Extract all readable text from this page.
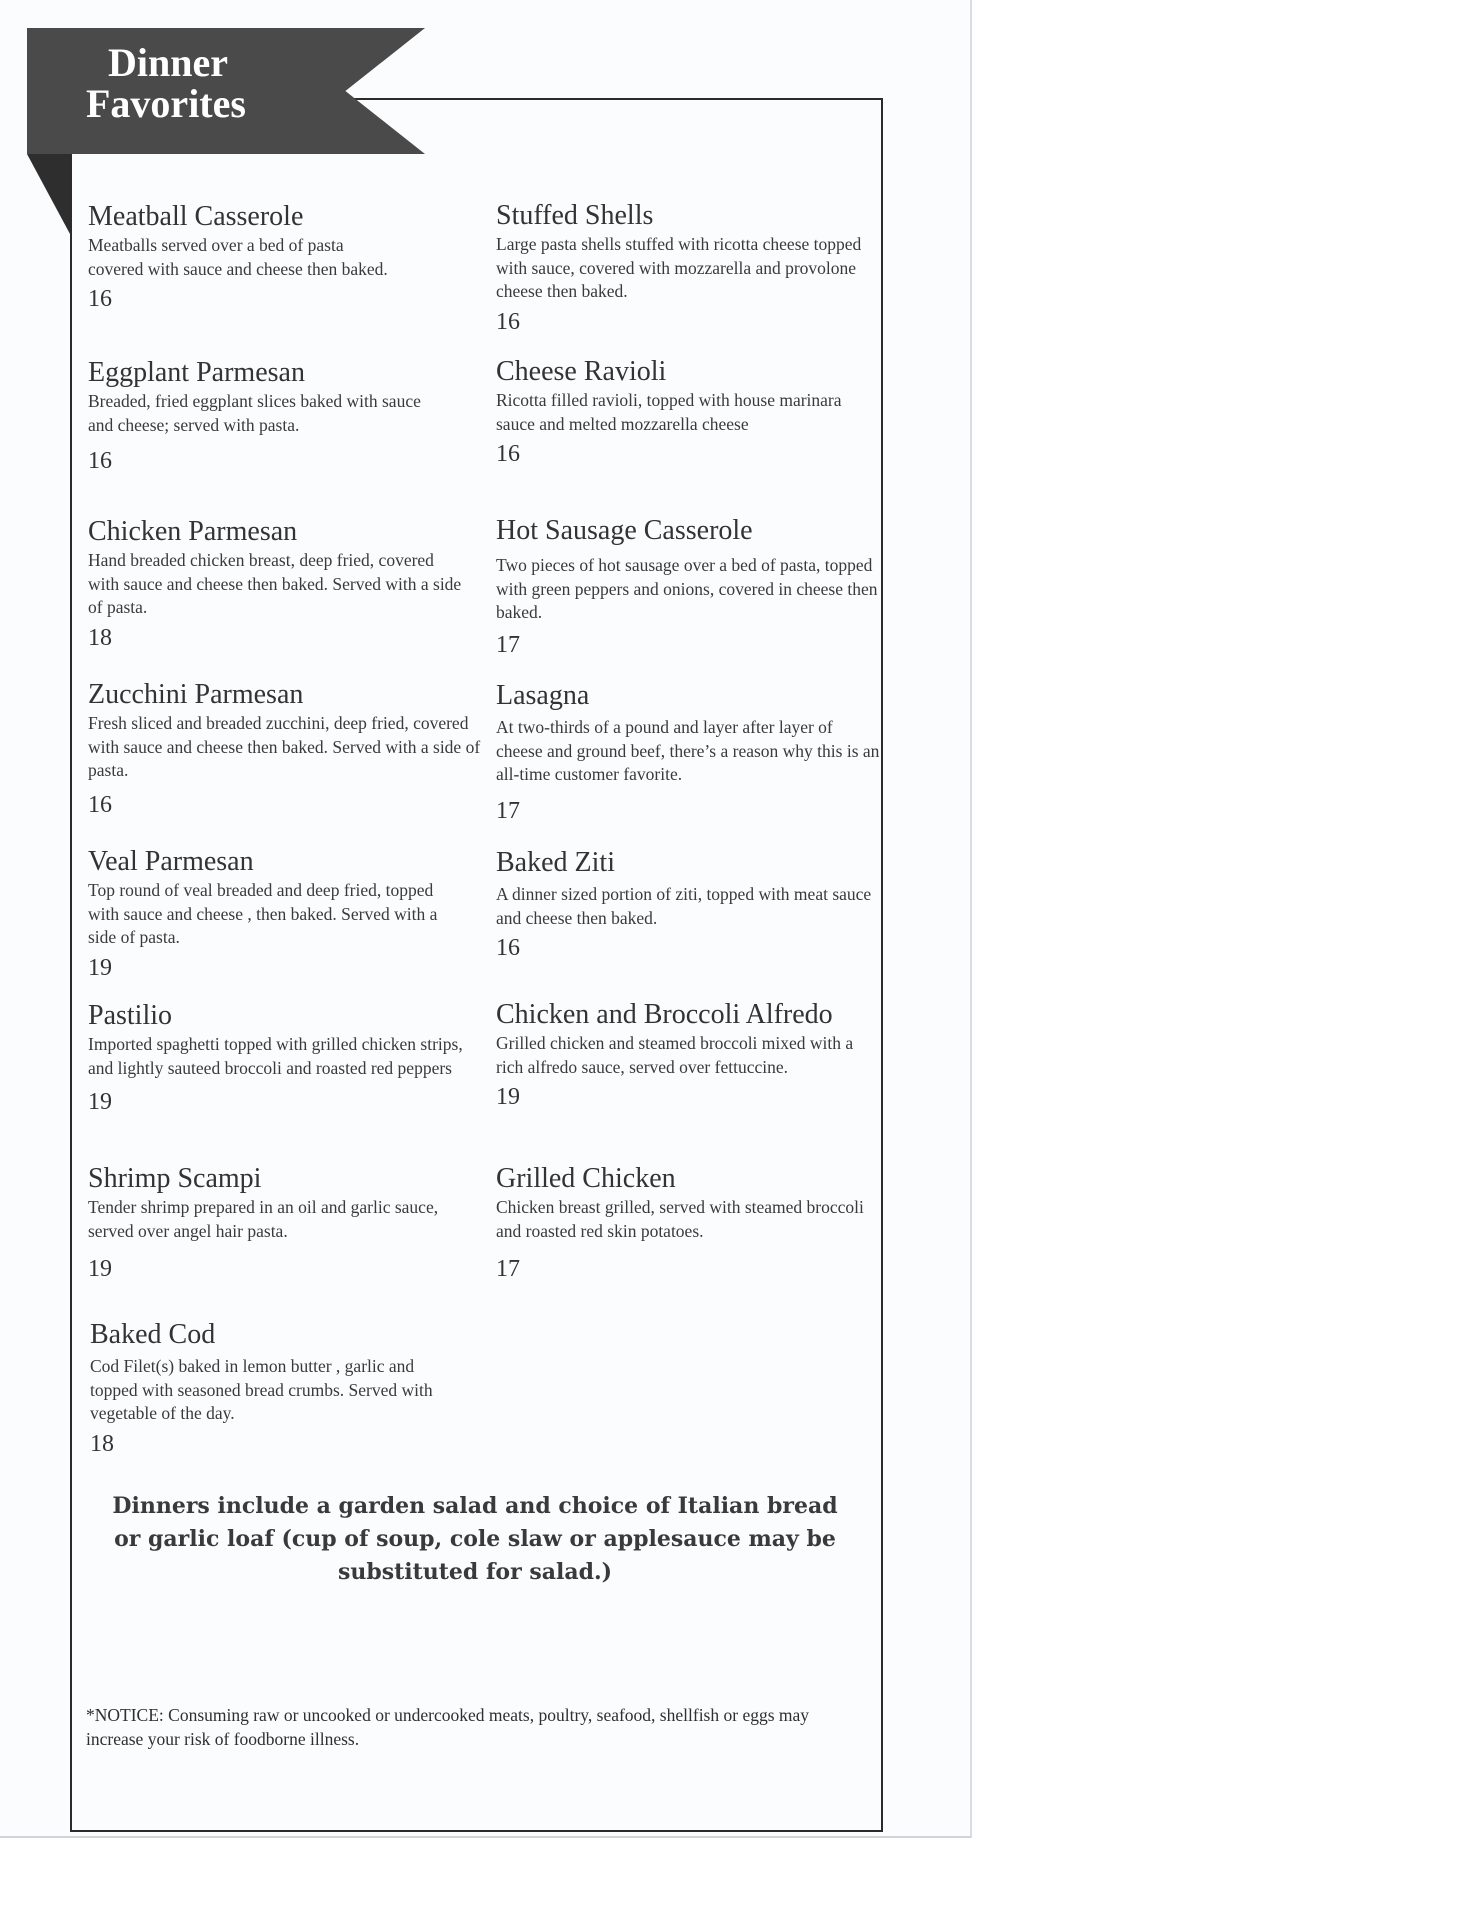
Dinner
Favorites

Meatball Casserole

Meatballs served over a bed of pasta covered with sauce and cheese then baked.

16

Stuffed Shells

Large pasta shells stuffed with ricotta cheese topped with sauce, covered with mozzarella and provolone cheese then baked.

16

Eggplant Parmesan

Breaded, fried eggplant slices baked with sauce and cheese; served with pasta.

16

Cheese Ravioli

Ricotta filled ravioli, topped with house marinara sauce and melted mozzarella cheese

16

Chicken Parmesan

Hand breaded chicken breast, deep fried, covered with sauce and cheese then baked. Served with a side of pasta.

18

Hot Sausage Casserole

Two pieces of hot sausage over a bed of pasta, topped with green peppers and onions, covered in cheese then baked.

17

Zucchini Parmesan

Fresh sliced and breaded zucchini, deep fried, covered with sauce and cheese then baked. Served with a side of pasta.

16

Lasagna

At two-thirds of a pound and layer after layer of cheese and ground beef, there’s a reason why this is an all-time customer favorite.

17

Veal Parmesan

Top round of veal breaded and deep fried, topped with sauce and cheese , then baked. Served with a side of pasta.

19

Baked Ziti

A dinner sized portion of ziti, topped with meat sauce and cheese then baked.

16

Pastilio

Imported spaghetti topped with grilled chicken strips, and lightly sauteed broccoli and roasted red peppers

19

Chicken and Broccoli Alfredo

Grilled chicken and steamed broccoli mixed with a rich alfredo sauce, served over fettuccine.

19

Shrimp Scampi

Tender shrimp prepared in an oil and garlic sauce, served over angel hair pasta.

19

Grilled Chicken

Chicken breast grilled, served with steamed broccoli and roasted red skin potatoes.

17

Baked Cod

Cod Filet(s) baked in lemon butter , garlic and topped with seasoned bread crumbs. Served with vegetable of the day.

18

Dinners include a garden salad and choice of Italian bread or garlic loaf (cup of soup, cole slaw or applesauce may be substituted for salad.)

*NOTICE: Consuming raw or uncooked or undercooked meats, poultry, seafood, shellfish or eggs may increase your risk of foodborne illness.
